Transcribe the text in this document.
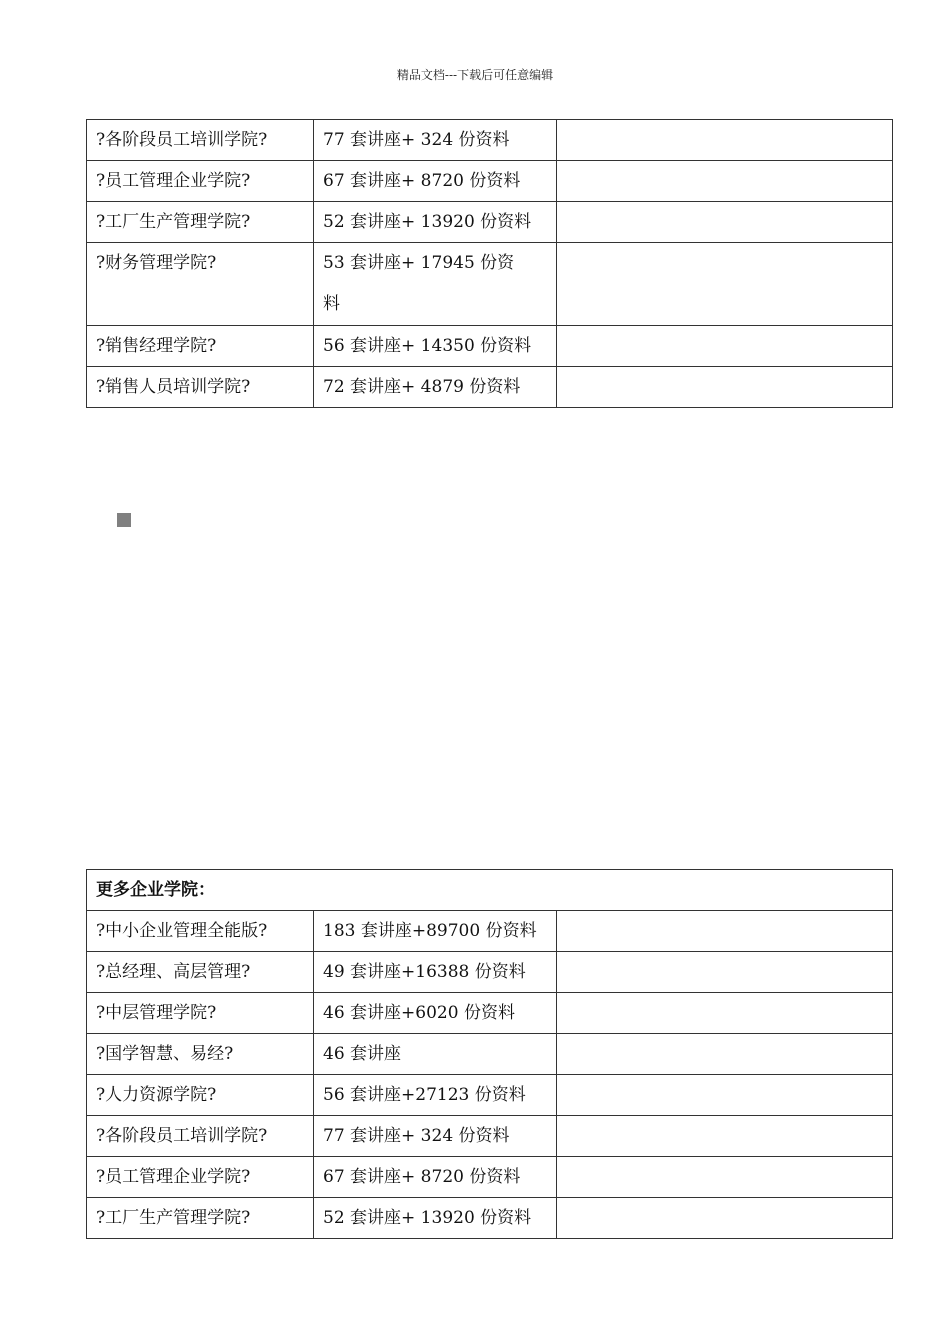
精品文档---下载后可任意编辑
?各阶段员工培训学院?	77 套讲座+ 324 份资料	
?员工管理企业学院?	67 套讲座+ 8720 份资料	
?工厂生产管理学院?	52 套讲座+ 13920 份资料	
?财务管理学院?	53 套讲座+ 17945 份资
料	

?销售经理学院?	56 套讲座+ 14350 份资料	
?销售人员培训学院?	72 套讲座+ 4879 份资料	
更多企业学院：		
?中小企业管理全能版?	183 套讲座+89700 份资料	
?总经理、高层管理?	49 套讲座+16388 份资料	
?中层管理学院?	46 套讲座+6020 份资料	
?国学智慧、易经?	46 套讲座	
?人力资源学院?	56 套讲座+27123 份资料	
?各阶段员工培训学院?	77 套讲座+ 324 份资料	
?员工管理企业学院?	67 套讲座+ 8720 份资料	
?工厂生产管理学院?	52 套讲座+ 13920 份资料	
